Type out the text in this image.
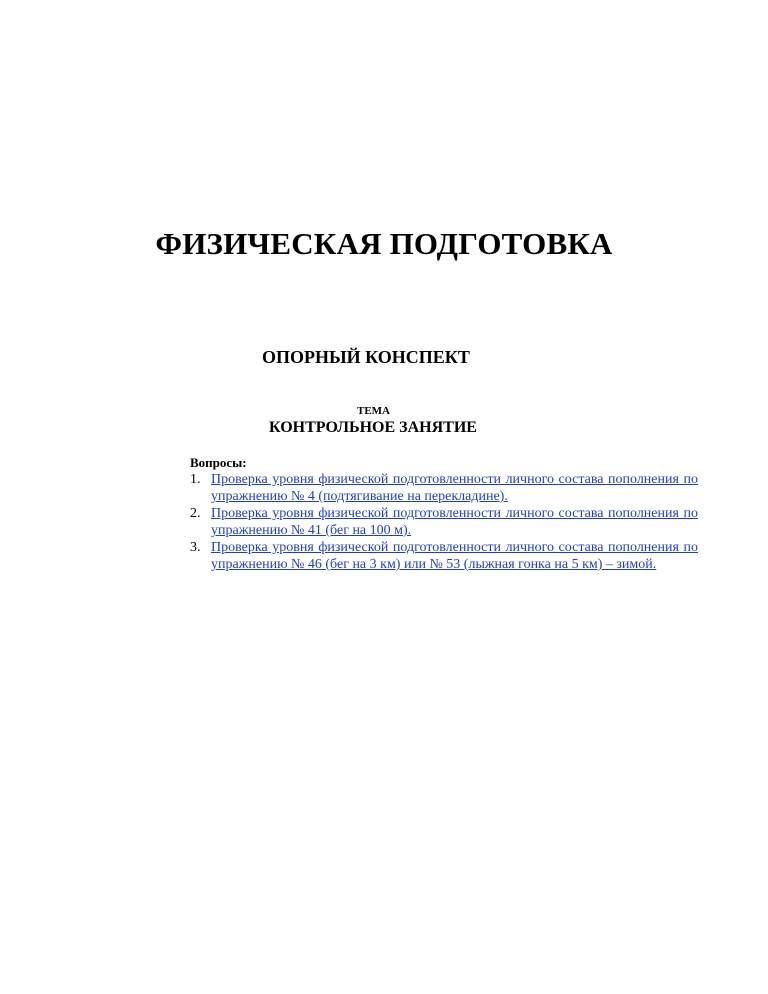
ФИЗИЧЕСКАЯ ПОДГОТОВКА
ОПОРНЫЙ КОНСПЕКТ
ТЕМА
КОНТРОЛЬНОЕ ЗАНЯТИЕ
Вопросы:
1. Проверка уровня физической подготовленности личного состава пополнения по упражнению № 4 (подтягивание на перекладине).
2. Проверка уровня физической подготовленности личного состава пополнения по упражнению № 41 (бег на 100 м).
3. Проверка уровня физической подготовленности личного состава пополнения по упражнению № 46 (бег на 3 км) или № 53 (лыжная гонка на 5 км) – зимой.
